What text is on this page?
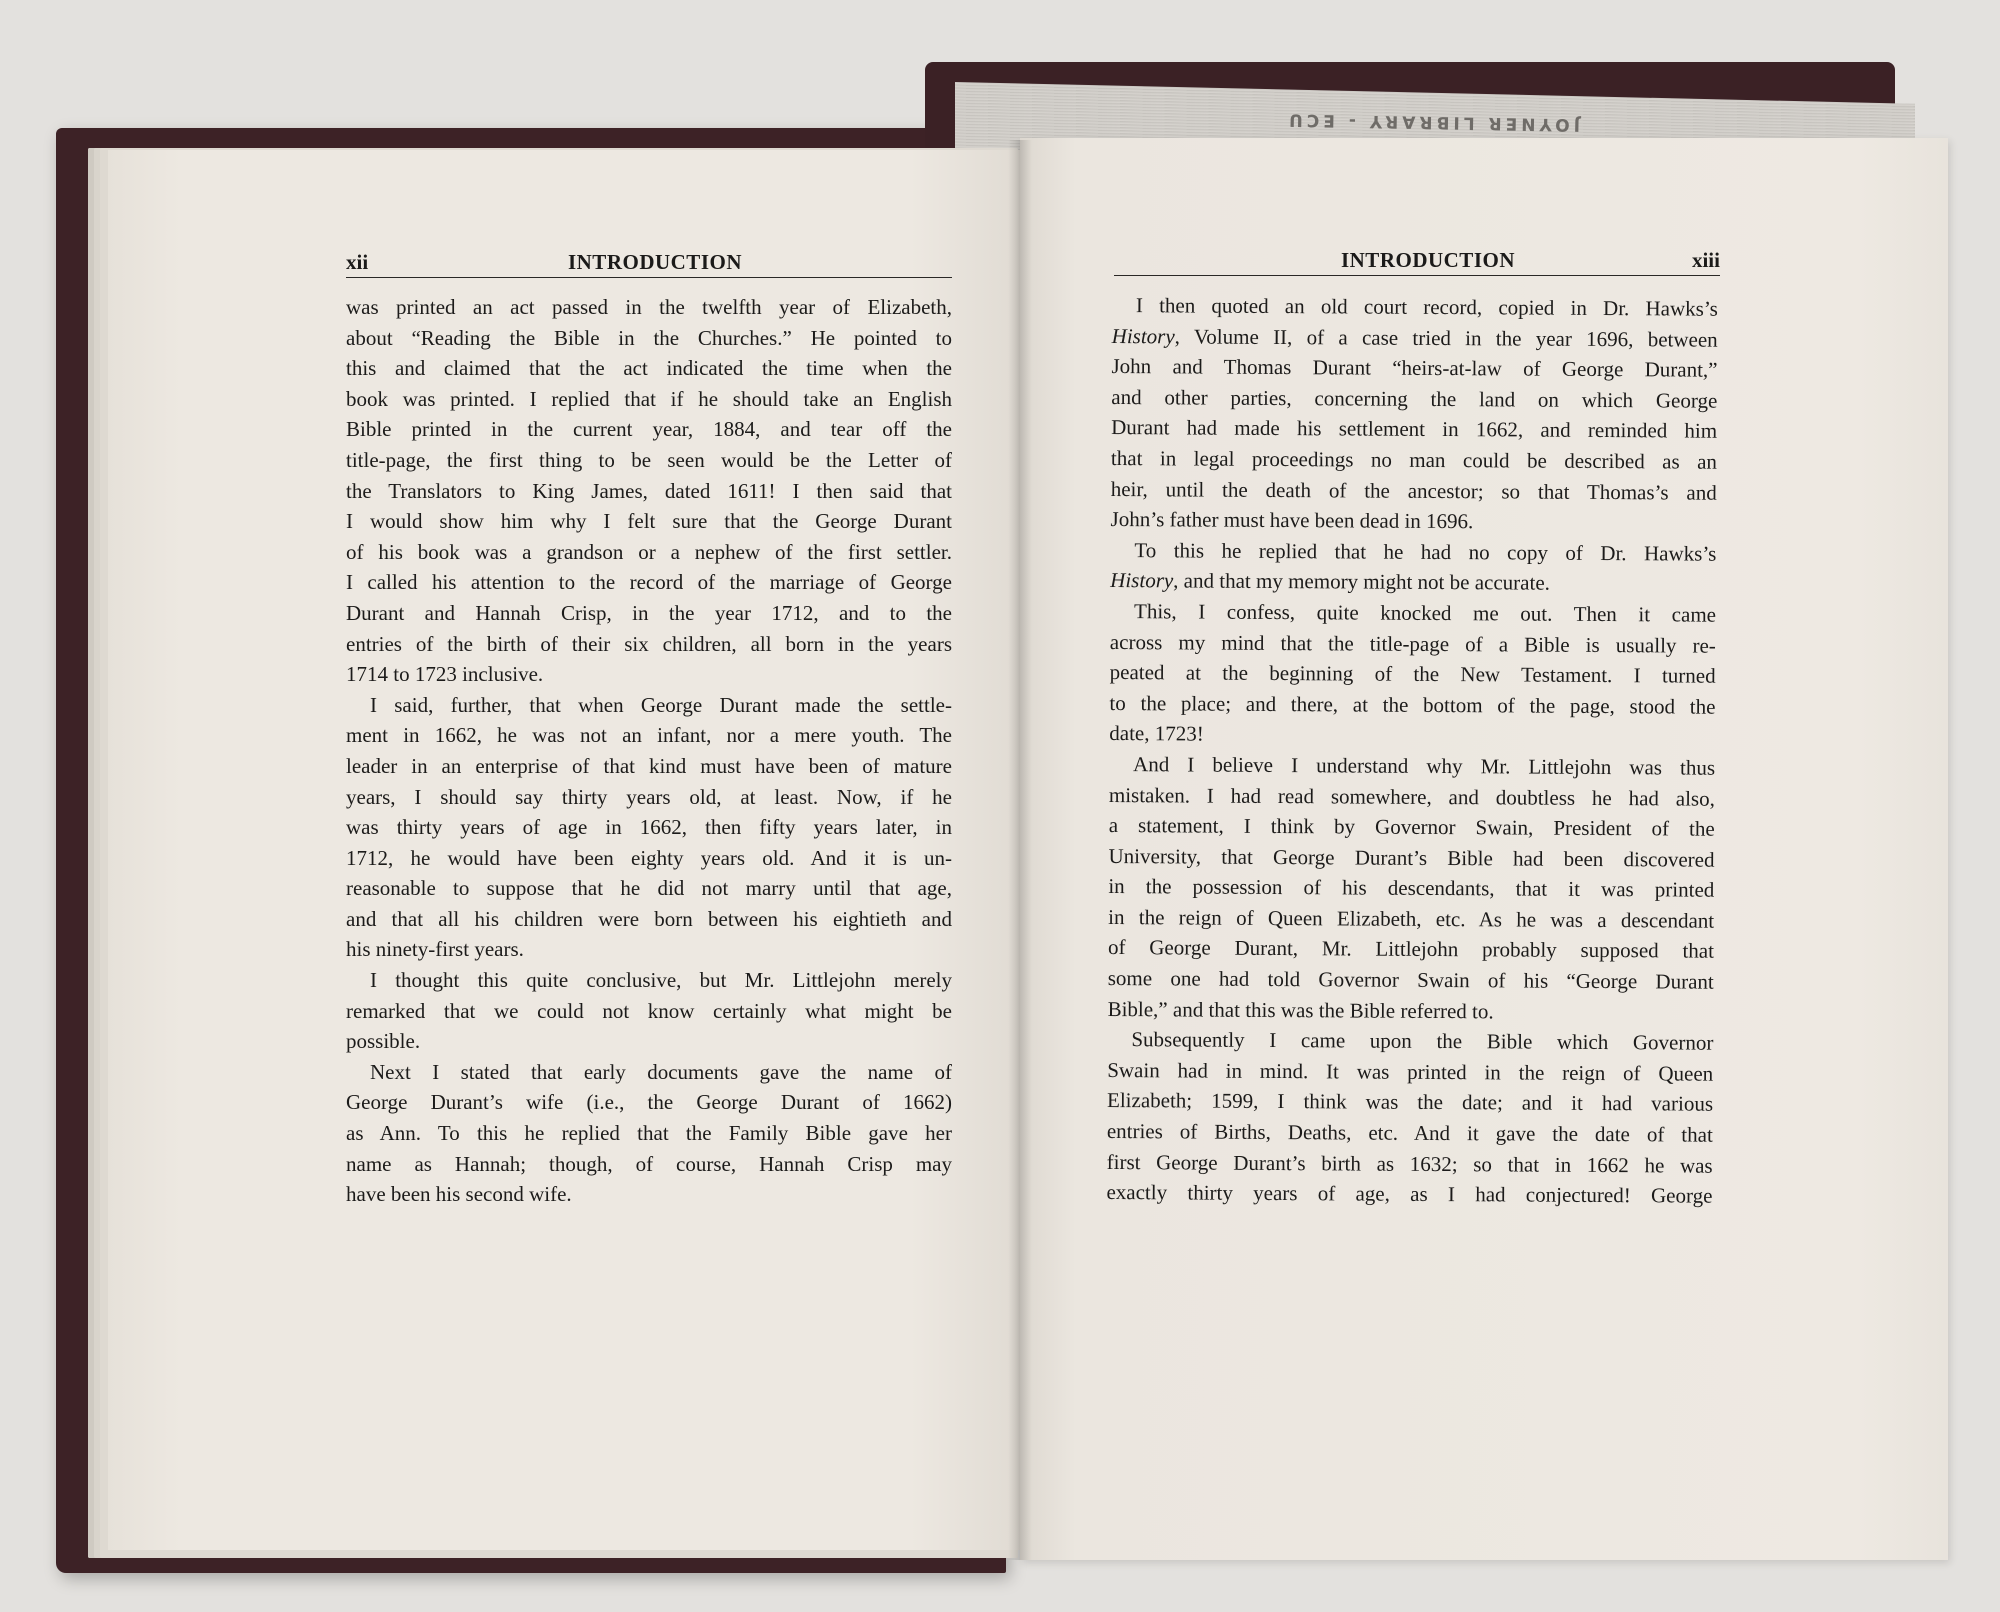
JOYNER LIBRARY - ECU
xii	INTRODUCTION	INTRODUCTION	xiii
was printed an act passed in the twelfth year of Elizabeth,
about “Reading the Bible in the Churches.” He pointed to
this and claimed that the act indicated the time when the
book was printed. I replied that if he should take an English
Bible printed in the current year, 1884, and tear off the
title-page, the first thing to be seen would be the Letter of
the Translators to King James, dated 1611! I then said that
I would show him why I felt sure that the George Durant
of his book was a grandson or a nephew of the first settler.
I called his attention to the record of the marriage of George
Durant and Hannah Crisp, in the year 1712, and to the
entries of the birth of their six children, all born in the years
1714 to 1723 inclusive.
I said, further, that when George Durant made the settle-
ment in 1662, he was not an infant, nor a mere youth. The
leader in an enterprise of that kind must have been of mature
years, I should say thirty years old, at least. Now, if he
was thirty years of age in 1662, then fifty years later, in
1712, he would have been eighty years old. And it is un-
reasonable to suppose that he did not marry until that age,
and that all his children were born between his eightieth and
his ninety-first years.
I thought this quite conclusive, but Mr. Littlejohn merely
remarked that we could not know certainly what might be
possible.
Next I stated that early documents gave the name of
George Durant’s wife (i.e., the George Durant of 1662)
as Ann. To this he replied that the Family Bible gave her
name as Hannah; though, of course, Hannah Crisp may
have been his second wife.
I then quoted an old court record, copied in Dr. Hawks’s
History, Volume II, of a case tried in the year 1696, between
John and Thomas Durant “heirs-at-law of George Durant,”
and other parties, concerning the land on which George
Durant had made his settlement in 1662, and reminded him
that in legal proceedings no man could be described as an
heir, until the death of the ancestor; so that Thomas’s and
John’s father must have been dead in 1696.
To this he replied that he had no copy of Dr. Hawks’s
History, and that my memory might not be accurate.
This, I confess, quite knocked me out. Then it came
across my mind that the title-page of a Bible is usually re-
peated at the beginning of the New Testament. I turned
to the place; and there, at the bottom of the page, stood the
date, 1723!
And I believe I understand why Mr. Littlejohn was thus
mistaken. I had read somewhere, and doubtless he had also,
a statement, I think by Governor Swain, President of the
University, that George Durant’s Bible had been discovered
in the possession of his descendants, that it was printed
in the reign of Queen Elizabeth, etc. As he was a descendant
of George Durant, Mr. Littlejohn probably supposed that
some one had told Governor Swain of his “George Durant
Bible,” and that this was the Bible referred to.
Subsequently I came upon the Bible which Governor
Swain had in mind. It was printed in the reign of Queen
Elizabeth; 1599, I think was the date; and it had various
entries of Births, Deaths, etc. And it gave the date of that
first George Durant’s birth as 1632; so that in 1662 he was
exactly thirty years of age, as I had conjectured! George
